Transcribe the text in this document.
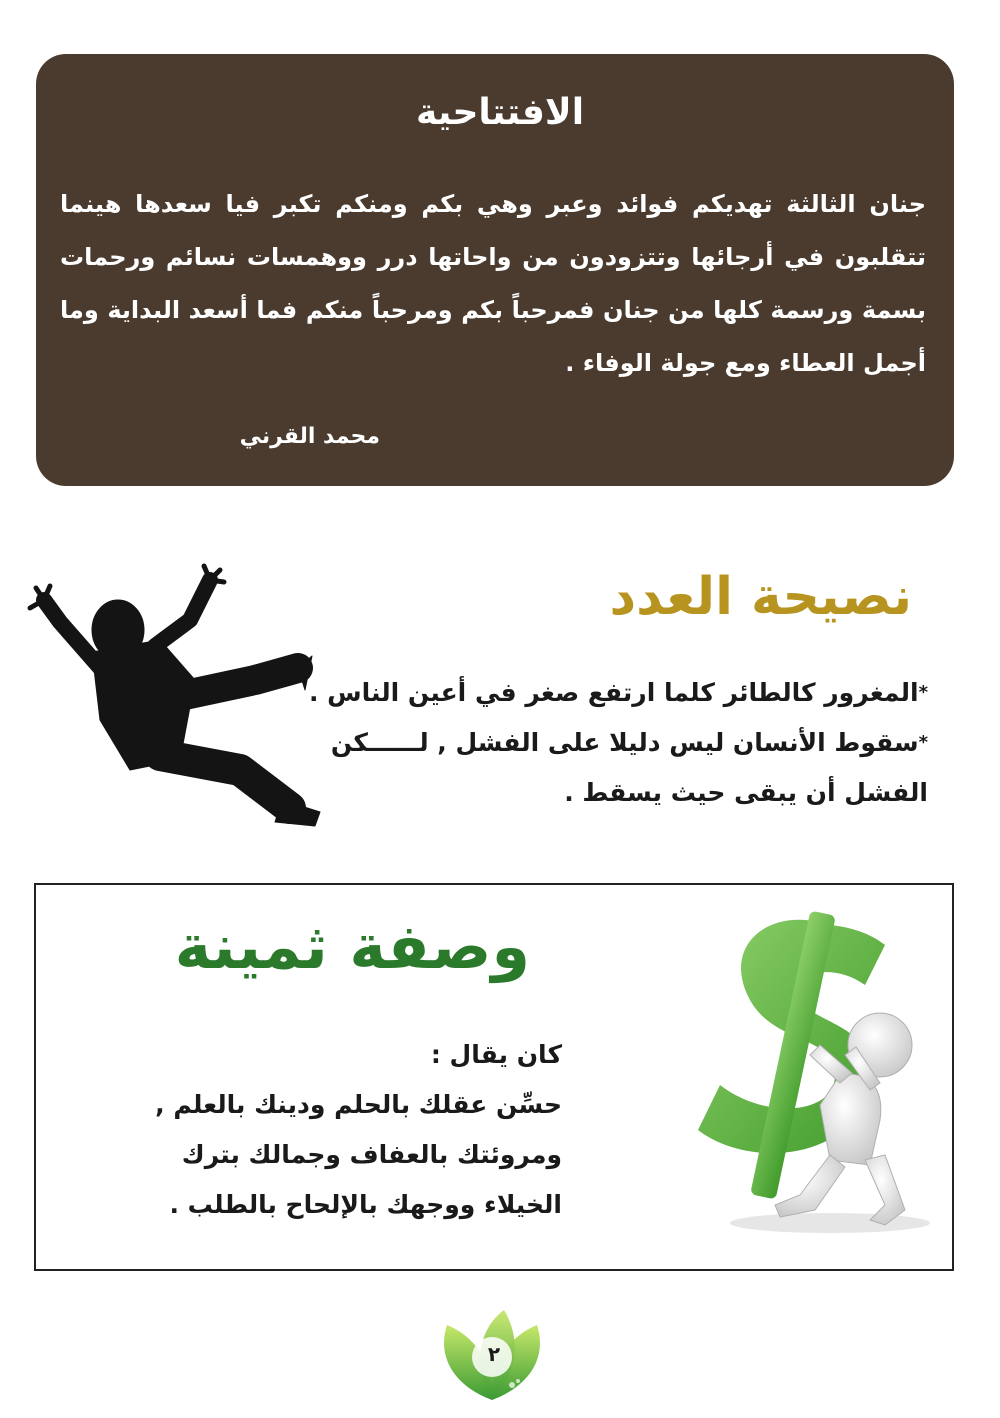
الافتتاحية
جنان الثالثة تهديكم فوائد وعبر وهي بكم ومنكم تكبر فيا سعدها هينما تتقلبون في أرجائها وتتزودون من واحاتها درر ووهمسات نسائم ورحمات بسمة ورسمة كلها من جنان فمرحباً بكم ومرحباً منكم فما أسعد البداية وما أجمل العطاء ومع جولة الوفاء .
محمد القرني
نصيحة العدد
*المغرور كالطائر كلما ارتفع صغر في أعين الناس .
*سقوط الأنسان ليس دليلا على الفشل , لــــــكن الفشل أن يبقى حيث يسقط .
وصفة ثمينة
كان يقال :
حسِّن عقلك بالحلم ودينك بالعلم , ومروئتك بالعفاف وجمالك بترك الخيلاء ووجهك بالإلحاح بالطلب .
٢
